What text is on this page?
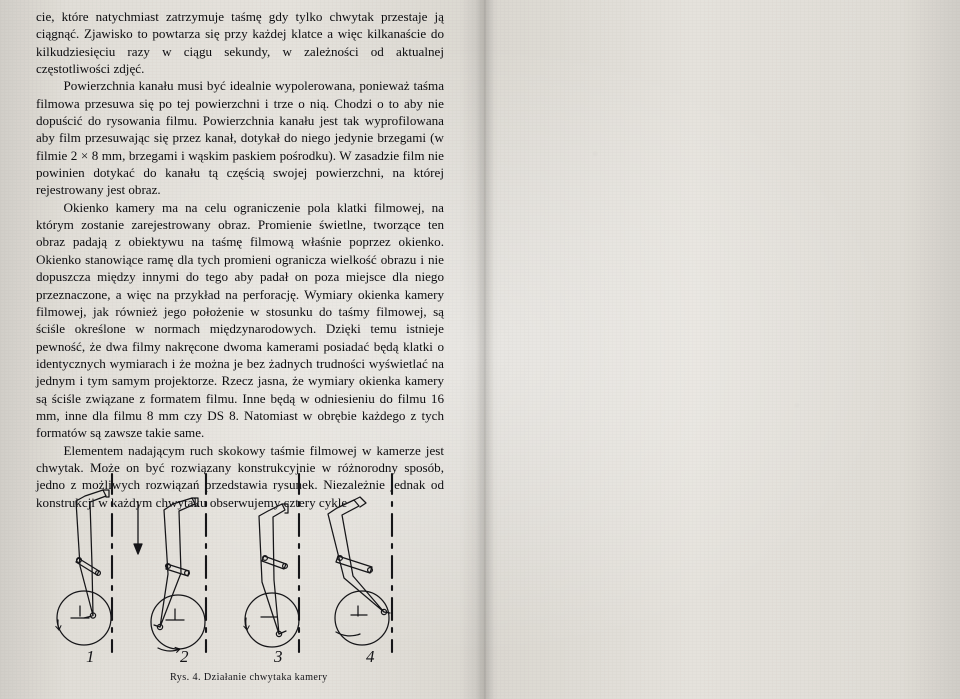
cie, które natychmiast zatrzymuje taśmę gdy tylko chwytak przestaje ją ciągnąć. Zjawisko to powtarza się przy każdej klatce a więc kilkanaście do kilkudziesięciu razy w ciągu sekundy, w zależności od aktualnej częstotliwości zdjęć.

Powierzchnia kanału musi być idealnie wypolerowana, ponieważ taśma filmowa przesuwa się po tej powierzchni i trze o nią. Chodzi o to aby nie dopuścić do rysowania filmu. Powierzchnia kanału jest tak wyprofilowana aby film przesuwając się przez kanał, dotykał do niego jedynie brzegami (w filmie 2 × 8 mm, brzegami i wąskim paskiem pośrodku). W zasadzie film nie powinien dotykać do kanału tą częścią swojej powierzchni, na której rejestrowany jest obraz.

Okienko kamery ma na celu ograniczenie pola klatki filmowej, na którym zostanie zarejestrowany obraz. Promienie świetlne, tworzące ten obraz padają z obiektywu na taśmę filmową właśnie poprzez okienko. Okienko stanowiące ramę dla tych promieni ogranicza wielkość obrazu i nie dopuszcza między innymi do tego aby padał on poza miejsce dla niego przeznaczone, a więc na przykład na perforację. Wymiary okienka kamery filmowej, jak również jego położenie w stosunku do taśmy filmowej, są ściśle określone w normach międzynarodowych. Dzięki temu istnieje pewność, że dwa filmy nakręcone dwoma kamerami posiadać będą klatki o identycznych wymiarach i że można je bez żadnych trudności wyświetlać na jednym i tym samym projektorze. Rzecz jasna, że wymiary okienka kamery są ściśle związane z formatem filmu. Inne będą w odniesieniu do filmu 16 mm, inne dla filmu 8 mm czy DS 8. Natomiast w obrębie każdego z tych formatów są zawsze takie same.

Elementem nadającym ruch skokowy taśmie filmowej w kamerze jest chwytak. Może on być rozwiązany konstrukcyjnie w różnorodny sposób, jedno z możliwych rozwiązań przedstawia rysunek. Niezależnie jednak od konstrukcji w każdym chwytaku obserwujemy cztery cykle

1	2	3	4
Rys. 4. Działanie chwytaka kamery
